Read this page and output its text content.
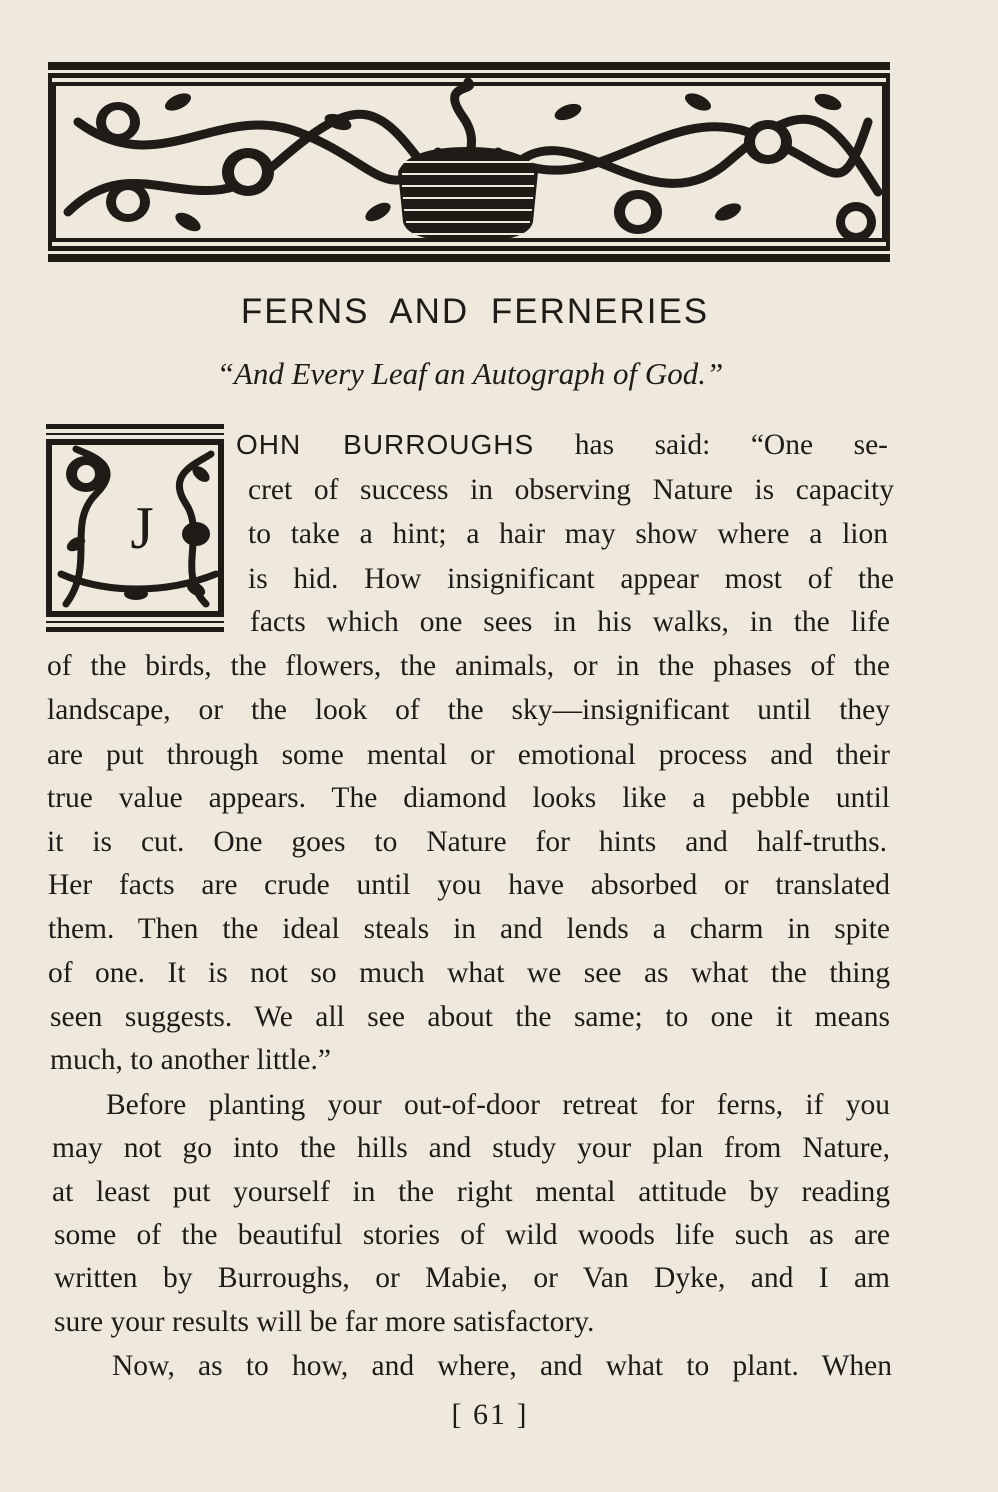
FERNS AND FERNERIES
“And Every Leaf an Autograph of God.”
J
OHN BURROUGHS has said: “One se-
cret of success in observing Nature is capacity
to take a hint; a hair may show where a lion
is hid. How insignificant appear most of the
facts which one sees in his walks, in the life
of the birds, the flowers, the animals, or in the phases of the
landscape, or the look of the sky—insignificant until they
are put through some mental or emotional process and their
true value appears. The diamond looks like a pebble until
it is cut. One goes to Nature for hints and half-truths.
Her facts are crude until you have absorbed or translated
them. Then the ideal steals in and lends a charm in spite
of one. It is not so much what we see as what the thing
seen suggests. We all see about the same; to one it means
much, to another little.”
Before planting your out-of-door retreat for ferns, if you
may not go into the hills and study your plan from Nature,
at least put yourself in the right mental attitude by reading
some of the beautiful stories of wild woods life such as are
written by Burroughs, or Mabie, or Van Dyke, and I am
sure your results will be far more satisfactory.
Now, as to how, and where, and what to plant. When
[ 61 ]
